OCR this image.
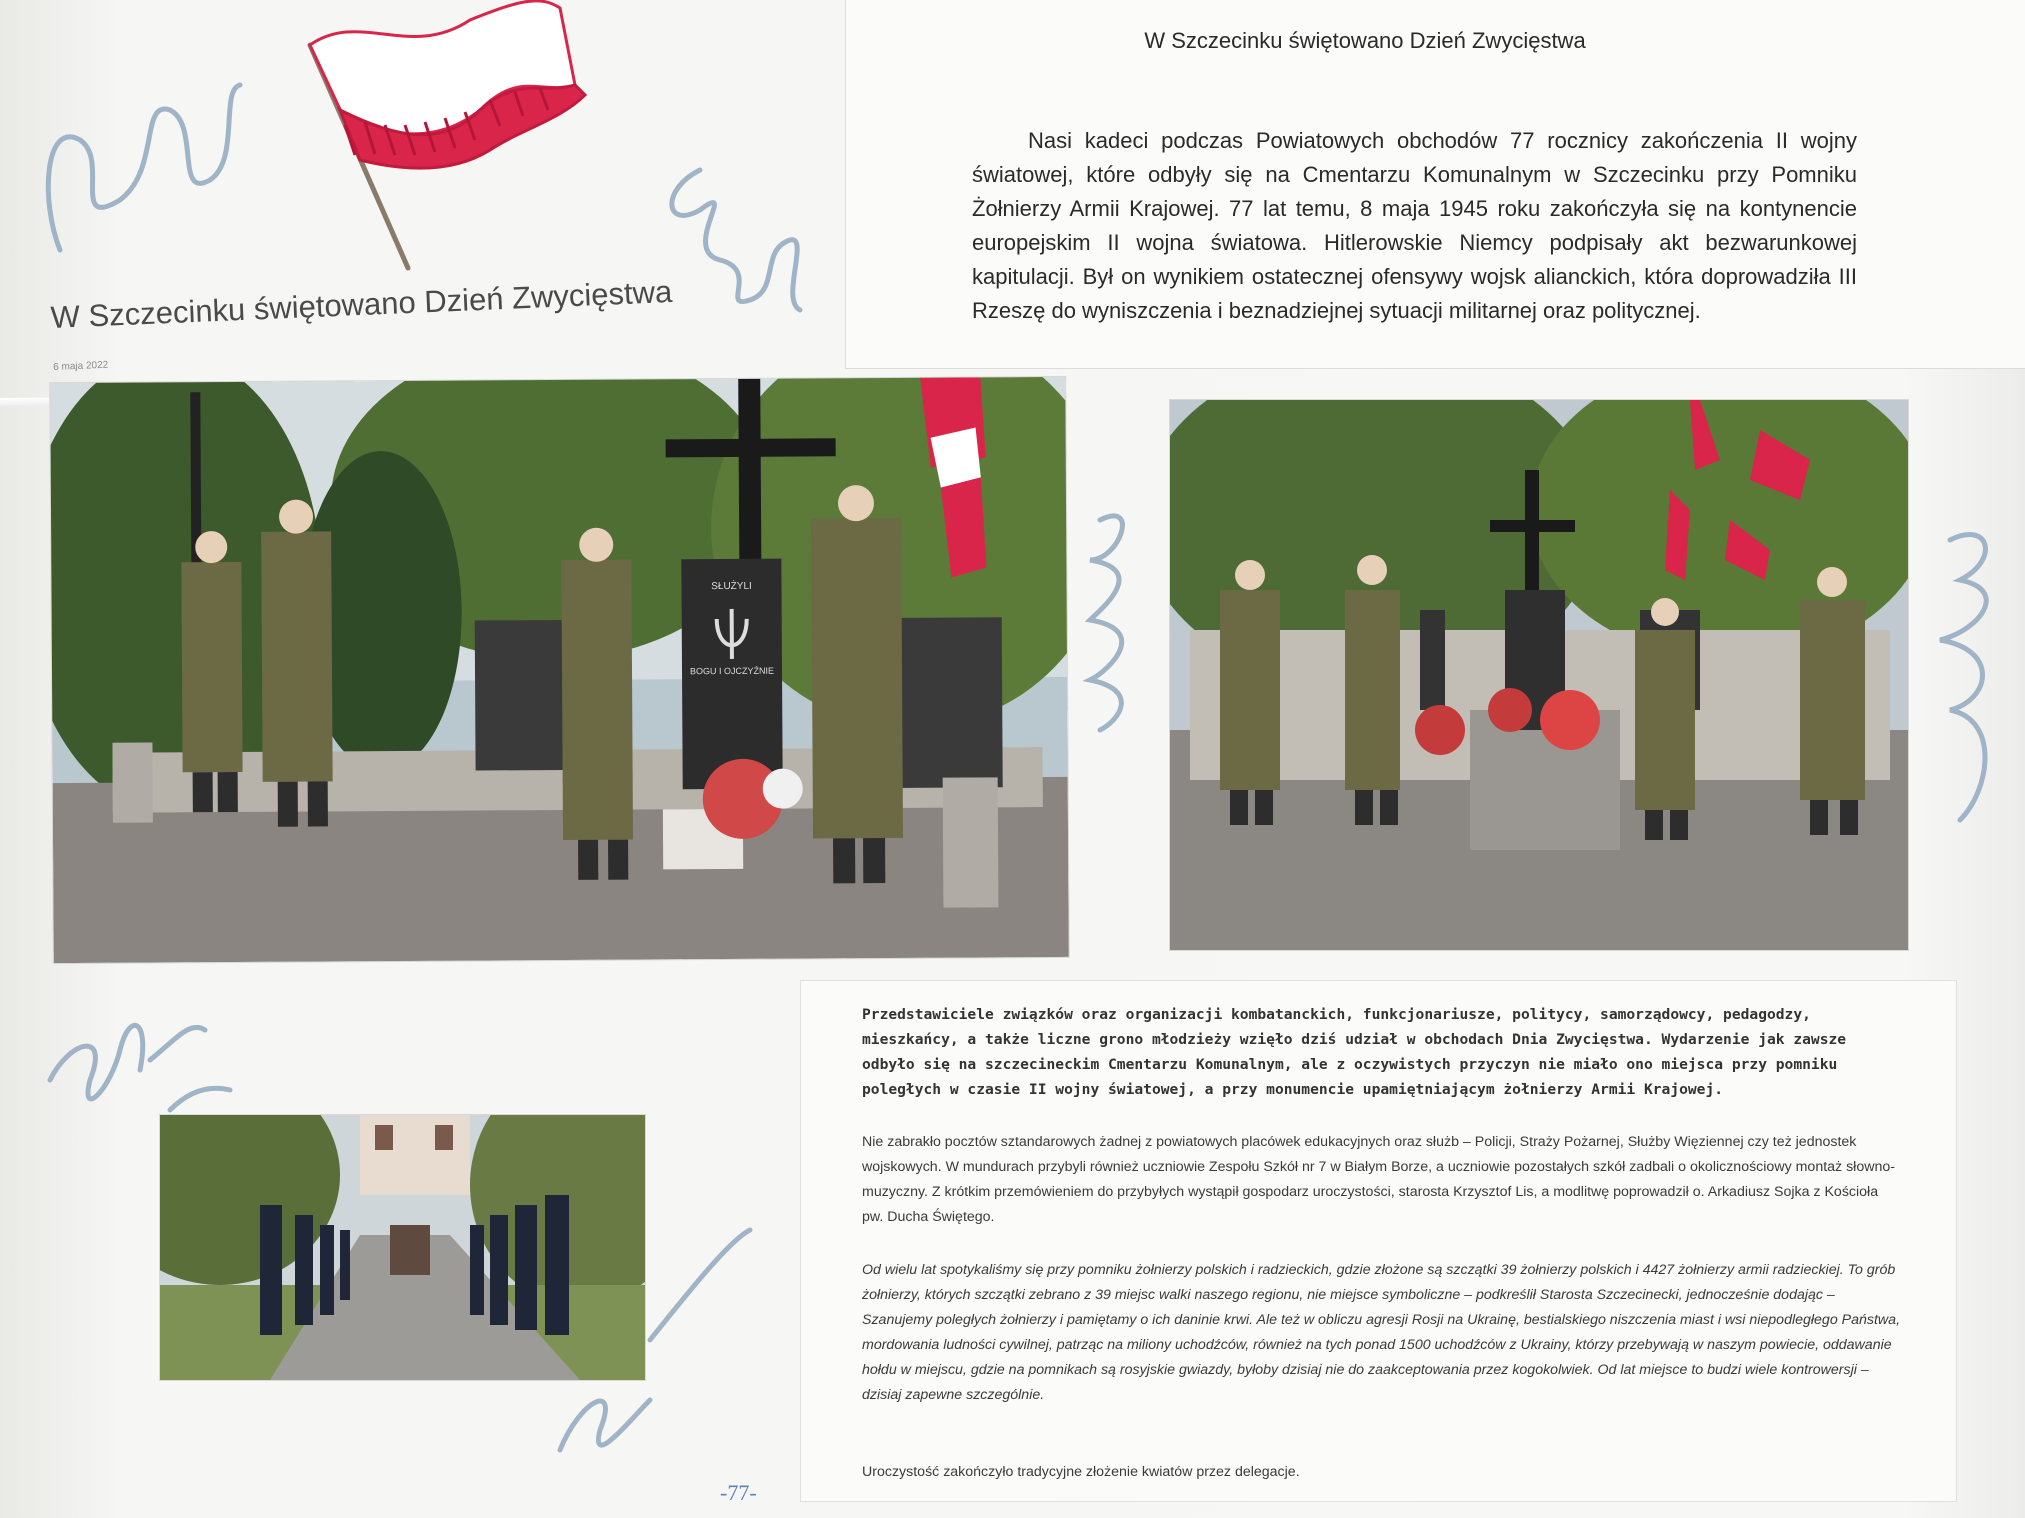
W Szczecinku świętowano Dzień Zwycięstwa

Nasi kadeci podczas Powiatowych obchodów 77 rocznicy zakończenia II wojny światowej, które odbyły się na Cmentarzu Komunalnym w Szczecinku przy Pomniku Żołnierzy Armii Krajowej. 77 lat temu, 8 maja 1945 roku zakończyła się na kontynencie europejskim II wojna światowa. Hitlerowskie Niemcy podpisały akt bezwarunkowej kapitulacji. Był on wynikiem ostatecznej ofensywy wojsk alianckich, która doprowadziła III Rzeszę do wyniszczenia i beznadziejnej sytuacji militarnej oraz politycznej.

W Szczecinku świętowano Dzień Zwycięstwa
6 maja 2022
SŁUŻYLI
BOGU I OJCZYŹNIE

Przedstawiciele związków oraz organizacji kombatanckich, funkcjonariusze, politycy, samorządowcy, pedagodzy, mieszkańcy, a także liczne grono młodzieży wzięło dziś udział w obchodach Dnia Zwycięstwa. Wydarzenie jak zawsze odbyło się na szczecineckim Cmentarzu Komunalnym, ale z oczywistych przyczyn nie miało ono miejsca przy pomniku poległych w czasie II wojny światowej, a przy monumencie upamiętniającym żołnierzy Armii Krajowej.

Nie zabrakło pocztów sztandarowych żadnej z powiatowych placówek edukacyjnych oraz służb – Policji, Straży Pożarnej, Służby Więziennej czy też jednostek wojskowych. W mundurach przybyli również uczniowie Zespołu Szkół nr 7 w Białym Borze, a uczniowie pozostałych szkół zadbali o okolicznościowy montaż słowno-muzyczny. Z krótkim przemówieniem do przybyłych wystąpił gospodarz uroczystości, starosta Krzysztof Lis, a modlitwę poprowadził o. Arkadiusz Sojka z Kościoła pw. Ducha Świętego.

Od wielu lat spotykaliśmy się przy pomniku żołnierzy polskich i radzieckich, gdzie złożone są szczątki 39 żołnierzy polskich i 4427 żołnierzy armii radzieckiej. To grób żołnierzy, których szczątki zebrano z 39 miejsc walki naszego regionu, nie miejsce symboliczne – podkreślił Starosta Szczecinecki, jednocześnie dodając – Szanujemy poległych żołnierzy i pamiętamy o ich daninie krwi. Ale też w obliczu agresji Rosji na Ukrainę, bestialskiego niszczenia miast i wsi niepodległego Państwa, mordowania ludności cywilnej, patrząc na miliony uchodźców, również na tych ponad 1500 uchodźców z Ukrainy, którzy przebywają w naszym powiecie, oddawanie hołdu w miejscu, gdzie na pomnikach są rosyjskie gwiazdy, byłoby dzisiaj nie do zaakceptowania przez kogokolwiek. Od lat miejsce to budzi wiele kontrowersji – dzisiaj zapewne szczególnie.

Uroczystość zakończyło tradycyjne złożenie kwiatów przez delegacje.

-77-
